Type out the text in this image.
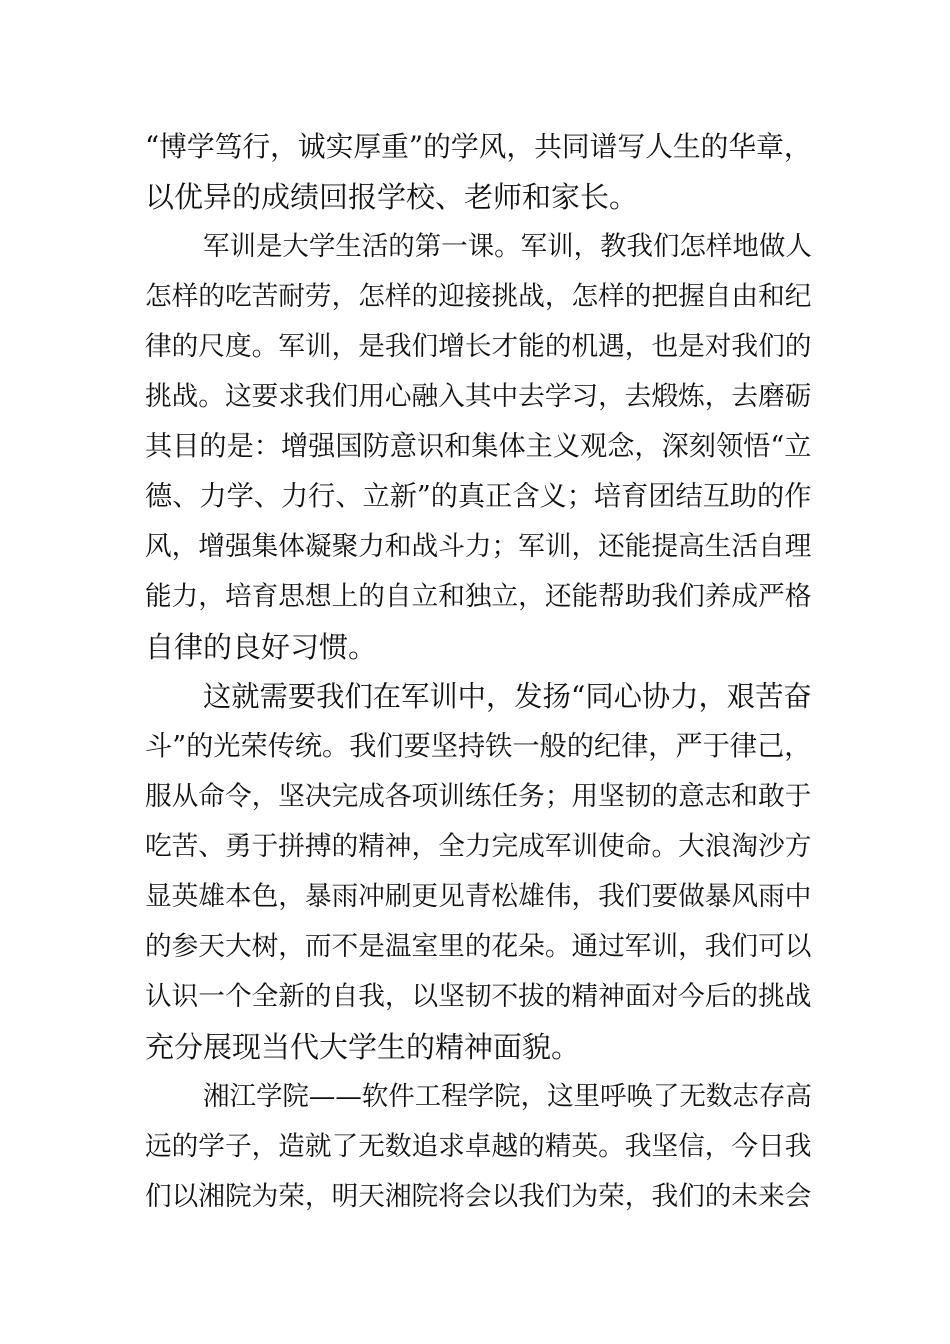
“博学笃行，诚实厚重”的学风，共同谱写人生的华章，
以优异的成绩回报学校、老师和家长。
军训是大学生活的第一课。军训，教我们怎样地做人
怎样的吃苦耐劳，怎样的迎接挑战，怎样的把握自由和纪
律的尺度。军训，是我们增长才能的机遇，也是对我们的
挑战。这要求我们用心融入其中去学习，去煅炼，去磨砺
其目的是：增强国防意识和集体主义观念，深刻领悟“立
德、力学、力行、立新”的真正含义；培育团结互助的作
风，增强集体凝聚力和战斗力；军训，还能提高生活自理
能力，培育思想上的自立和独立，还能帮助我们养成严格
自律的良好习惯。
这就需要我们在军训中，发扬“同心协力，艰苦奋
斗”的光荣传统。我们要坚持铁一般的纪律，严于律己，
服从命令，坚决完成各项训练任务；用坚韧的意志和敢于
吃苦、勇于拼搏的精神，全力完成军训使命。大浪淘沙方
显英雄本色，暴雨冲刷更见青松雄伟，我们要做暴风雨中
的参天大树，而不是温室里的花朵。通过军训，我们可以
认识一个全新的自我，以坚韧不拔的精神面对今后的挑战
充分展现当代大学生的精神面貌。
湘江学院——软件工程学院，这里呼唤了无数志存高
远的学子，造就了无数追求卓越的精英。我坚信，今日我
们以湘院为荣，明天湘院将会以我们为荣，我们的未来会
